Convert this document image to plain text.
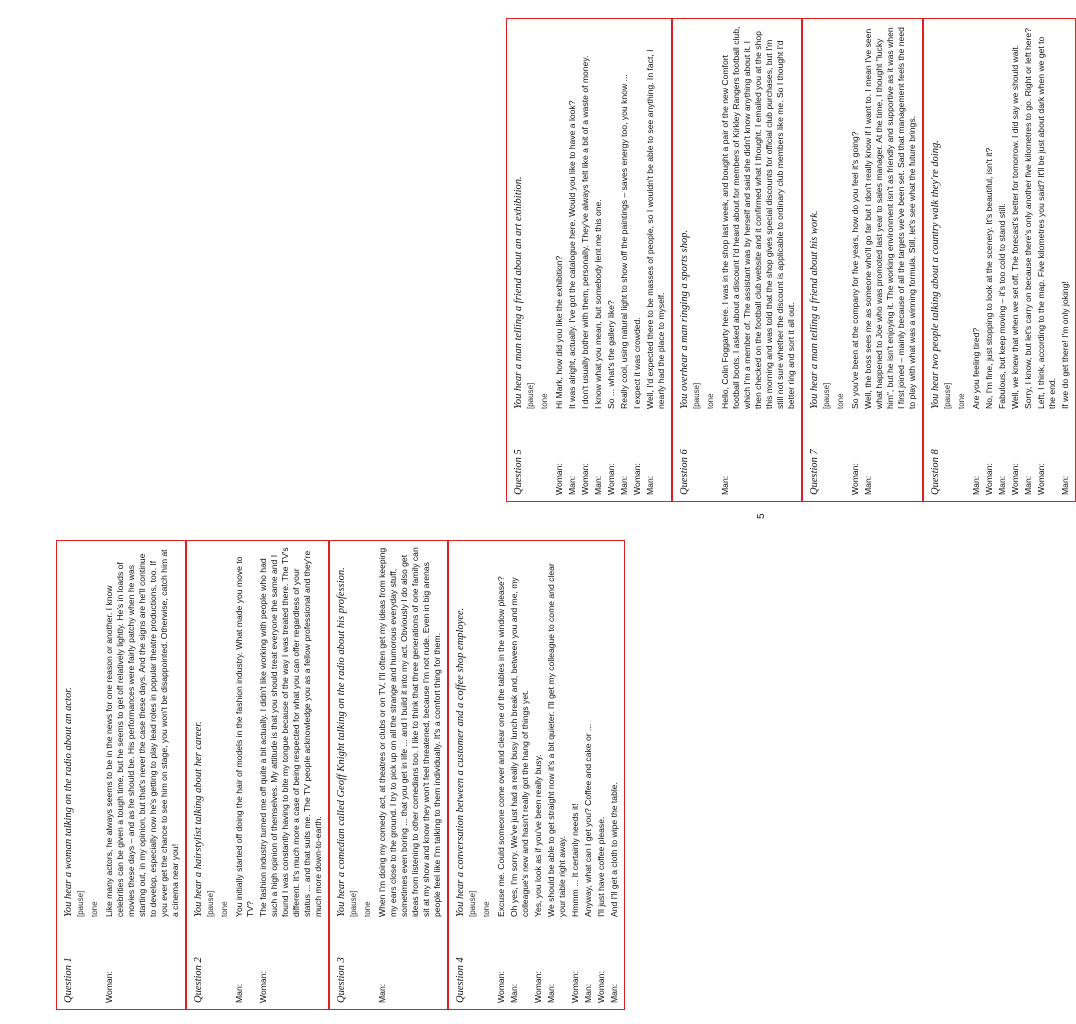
Question 1
You hear a woman talking on the radio about an actor. [pause] tone
Woman:
Like many actors, he always seems to be in the news for one reason or another. I know celebrities can be given a tough time, but he seems to get off relatively lightly. He's in loads of movies these days – and as he should be. His performances were fairly patchy when he was starting out, in my opinion, but that's never the case these days. And the signs are he'll continue to develop, especially now he's getting to play lead roles in popular theatre productions, too. If you ever get the chance to see him on stage, you won't be disappointed. Otherwise, catch him at a cinema near you!
Question 2
You hear a hairstylist talking about her career. [pause] tone
Man:
You initially started off doing the hair of models in the fashion industry. What made you move to TV?
Woman:
The fashion industry turned me off quite a bit actually. I didn't like working with people who had such a high opinion of themselves. My attitude is that you should treat everyone the same and I found I was constantly having to bite my tongue because of the way I was treated there. The TV's different. It's much more a case of being respected for what you can offer regardless of your status ... and that suits me. The TV people acknowledge you as a fellow professional and they're much more down-to-earth.
Question 3
You hear a comedian called Geoff Knight talking on the radio about his profession. [pause] tone
Man:
When I'm doing my comedy act, at theatres or clubs or on TV, I'll often get my ideas from keeping my ears close to the ground. I try to pick up on all the strange and humorous everyday stuff, sometimes even boring ... that you get in life ... and I build it into my act. Obviously I do also get ideas from listening to other comedians too. I like to think that three generations of one family can sit at my show and know they won't feel threatened, because I'm not rude. Even in big arenas people feel like I'm talking to them individually. It's a comfort thing for them.
Question 4
You hear a conversation between a customer and a coffee shop employee. [pause] tone
Woman:
Excuse me. Could someone come over and clear one of the tables in the window please?
Man:
Oh yes, I'm sorry. We've just had a really busy lunch break and, between you and me, my colleague's new and hasn't really got the hang of things yet.
Woman:
Yes, you look as if you've been really busy.
Man:
We should be able to get straight now it's a bit quieter. I'll get my colleague to come and clear your table right away.
Woman:
Hmmm ... It certainly needs it!
Man:
Anyway, what can I get you? Coffee and cake or ...
Woman:
I'll just have coffee please.
Man:
And I'll get a cloth to wipe the table.
Question 5
You hear a man telling a friend about an art exhibition. [pause] tone
Woman:
Hi Mark, how did you like the exhibition?
Man:
It was alright, actually. I've got the catalogue here. Would you like to have a look?
Woman:
I don't usually bother with them, personally. They've always felt like a bit of a waste of money.
Man:
I know what you mean, but somebody lent me this one.
Woman:
So ... what's the gallery like?
Man:
Really cool, using natural light to show off the paintings – saves energy too, you know ...
Woman:
I expect it was crowded.
Man:
Well, I'd expected there to be masses of people, so I wouldn't be able to see anything. In fact, I nearly had the place to myself.
Question 6
You overhear a man ringing a sports shop. [pause] tone
Man:
Hello, Colin Foggarty here. I was in the shop last week, and bought a pair of the new Comfort football boots. I asked about a discount I'd heard about for members of Kirkley Rangers football club, which I'm a member of. The assistant was by herself and said she didn't know anything about it. I then checked on the football club website and it confirmed what I thought. I emailed you at the shop this morning and was told that the shop gives special discounts for official club purchases, but I'm still not sure whether the discount is applicable to ordinary club members like me. So I thought I'd better ring and sort it all out.
Question 7
You hear a man telling a friend about his work. [pause] tone
Woman:
So you've been at the company for five years, how do you feel it's going?
Man:
Well, the boss sees me as someone who'll go far but I don't really know if I want to. I mean I've seen what happened to Joe who was promoted last year to sales manager. At the time, I thought "lucky him", but he isn't enjoying it. The working environment isn't as friendly and supportive as it was when I first joined – mainly because of all the targets we've been set. Sad that management feels the need to play with what was a winning formula. Still, let's see what the future brings.
Question 8
You hear two people talking about a country walk they're doing. [pause] tone
Man:
Are you feeling tired?
Woman:
No, I'm fine, just stopping to look at the scenery. It's beautiful, isn't it?
Man:
Fabulous, but keep moving – it's too cold to stand still.
Woman:
Well, we knew that when we set off. The forecast's better for tomorrow. I did say we should wait.
Man:
Sorry, I know, but let's carry on because there's only another five kilometres to go. Right or left here?
Woman:
Left, I think, according to the map. Five kilometres you said? It'll be just about dark when we get to the end.
Man:
If we do get there! I'm only joking!
5
